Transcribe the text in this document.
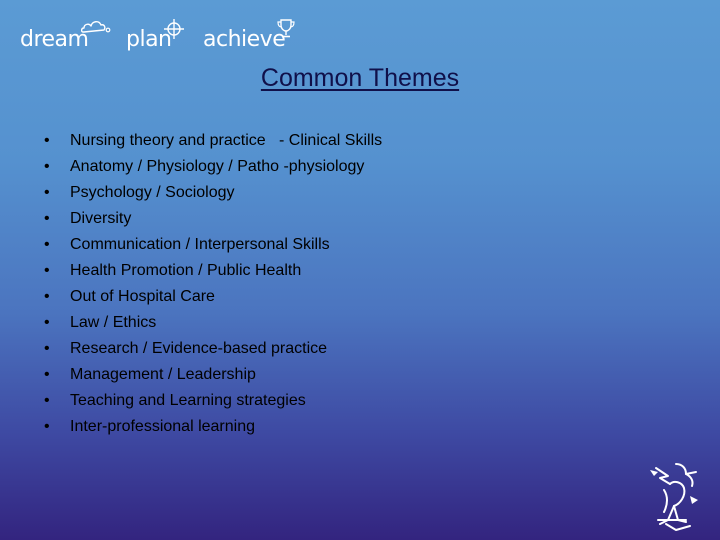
dream plan achieve
Common Themes
•	Nursing theory and practice   - Clinical Skills
•	Anatomy / Physiology / Patho -physiology
•	Psychology / Sociology
•	Diversity
•	Communication / Interpersonal Skills
•	Health Promotion / Public Health
•	Out of Hospital Care
•	Law / Ethics
•	Research / Evidence-based practice
•	Management / Leadership
•	Teaching and Learning strategies
•	Inter-professional learning
